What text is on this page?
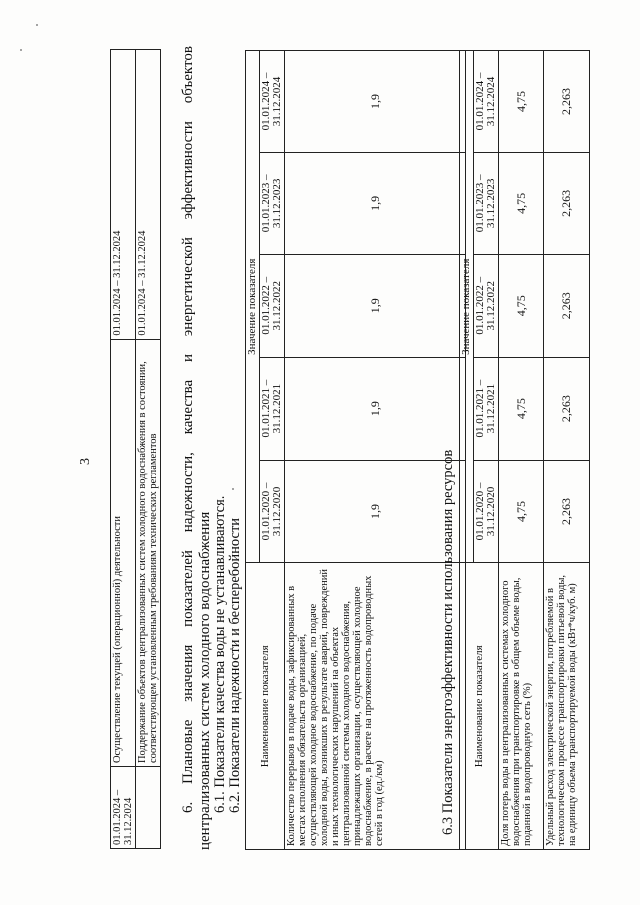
3
01.01.2024 – 31.12.2024	Осуществление текущей (операционной) деятельности	01.01.2024 – 31.12.2024
	Поддержание объектов централизованных систем холодного водоснабжения в состоянии, соответствующем установленным требованиям технических регламентов	01.01.2024 – 31.12.2024
6.
Плановые
значения
показателей
надежности,
качества
и
энергетической
эффективности
объектов
централизованных систем холодного водоснабжения 6.1. Показатели качества воды не устанавливаются. 6.2. Показатели надежности и бесперебойности Наименование показателя	Значение показателя				
	01.01.2020 – 31.12.2020	01.01.2021 – 31.12.2021	01.01.2022 – 31.12.2022	01.01.2023 – 31.12.2023	01.01.2024 – 31.12.2024
Количество перерывов в подаче воды, зафиксированных в местах исполнения обязательств организацией, осуществляющей холодное водоснабжение, по подаче холодной воды, возникших в результате аварий, повреждений и иных технологических нарушений на объектах централизованной системы холодного водоснабжения, принадлежащих организации, осуществляющей холодное водоснабжение, в расчете на протяженность водопроводных сетей в год (ед./км)	1,9	1,9	1,9	1,9	1,9
6.3 Показатели энергоэффективности использования ресурсов Наименование показателя	Значение показателя				
	01.01.2020 – 31.12.2020	01.01.2021 – 31.12.2021	01.01.2022 – 31.12.2022	01.01.2023 – 31.12.2023	01.01.2024 – 31.12.2024
Доля потерь воды в централизованных системах холодного водоснабжения при транспортировке в общем объеме воды, поданной в водопроводную сеть (%)	4,75	4,75	4,75	4,75	4,75
Удельный расход электрической энергии, потребляемой в технологическом процессе транспортировки питьевой воды, на единицу объема транспортируемой воды (кВт*ч/куб. м)	2,263	2,263	2,263	2,263	2,263
